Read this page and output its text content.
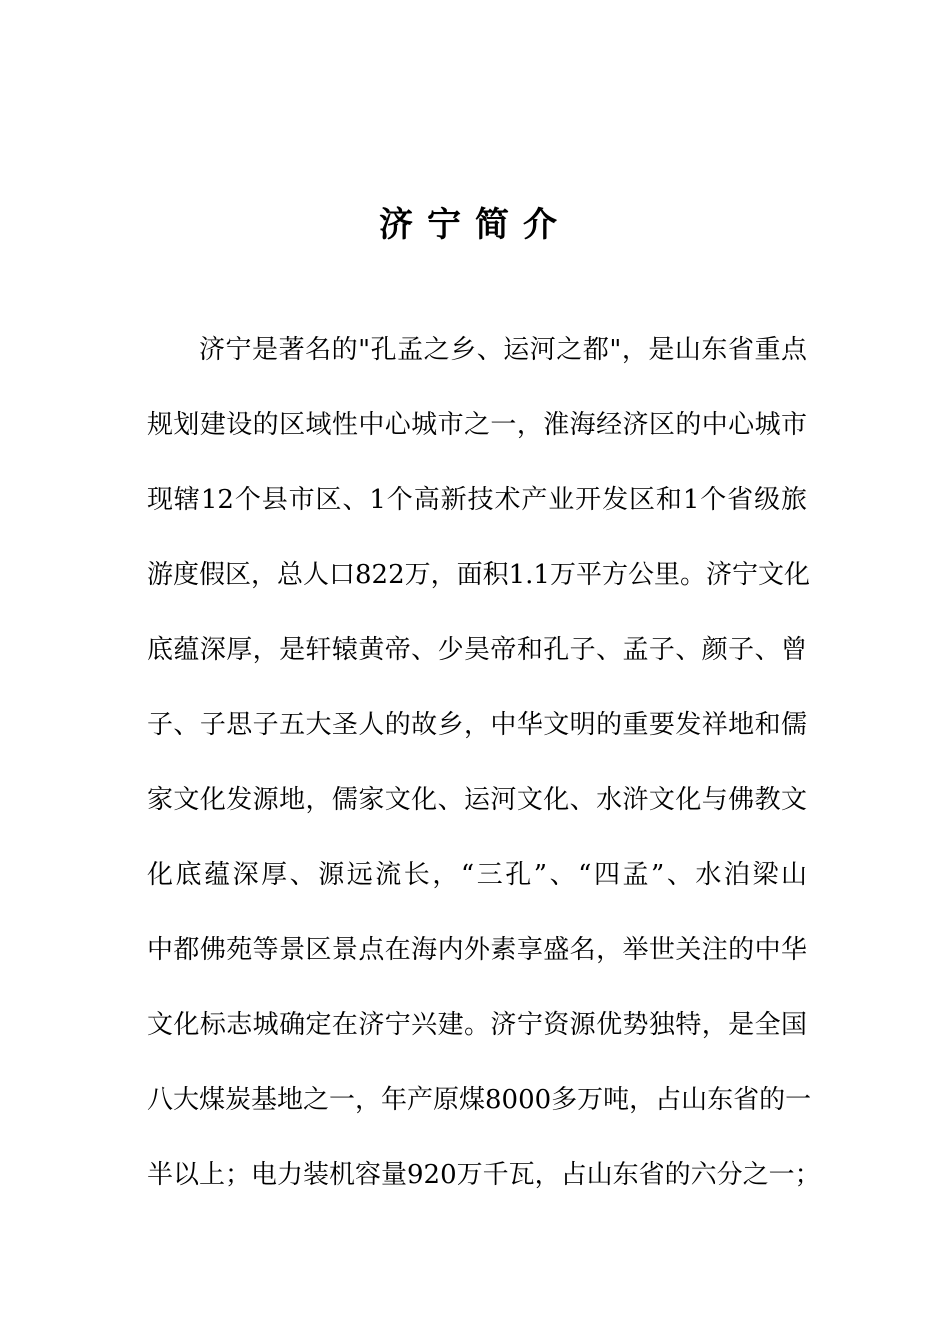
济宁简介
济宁是著名的"孔孟之乡、运河之都"，是山东省重点
规划建设的区域性中心城市之一，淮海经济区的中心城市
现辖12个县市区、1个高新技术产业开发区和1个省级旅
游度假区，总人口822万，面积1.1万平方公里。济宁文化
底蕴深厚，是轩辕黄帝、少昊帝和孔子、孟子、颜子、曾
子、子思子五大圣人的故乡，中华文明的重要发祥地和儒
家文化发源地，儒家文化、运河文化、水浒文化与佛教文
化底蕴深厚、源远流长，“三孔”、“四孟”、水泊梁山
中都佛苑等景区景点在海内外素享盛名，举世关注的中华
文化标志城确定在济宁兴建。济宁资源优势独特，是全国
八大煤炭基地之一，年产原煤8000多万吨，占山东省的一
半以上；电力装机容量920万千瓦，占山东省的六分之一；
